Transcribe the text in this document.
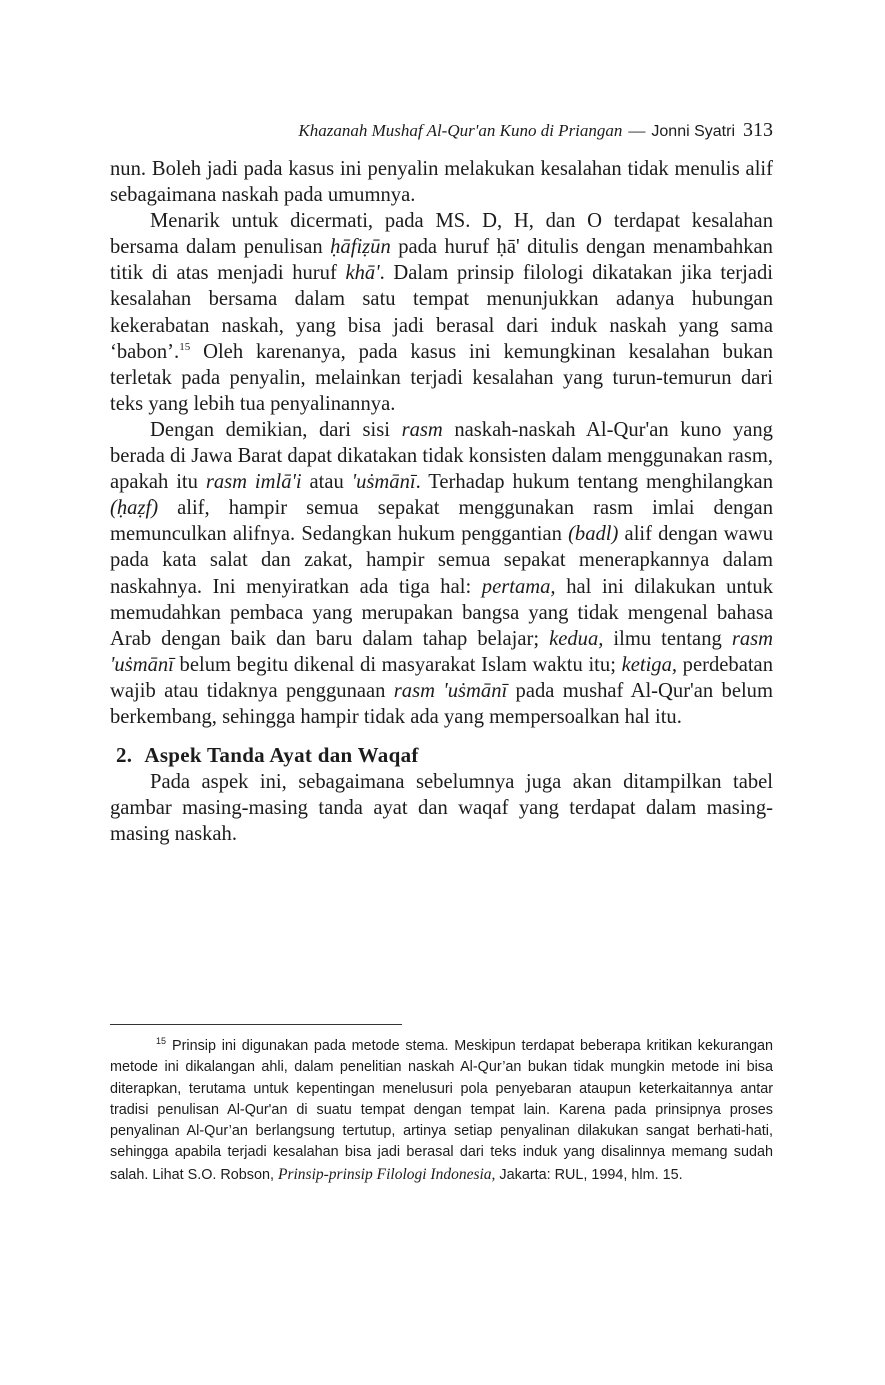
Khazanah Mushaf Al-Qur'an Kuno di Priangan — Jonni Syatri 313

nun. Boleh jadi pada kasus ini penyalin melakukan kesalahan tidak menulis alif sebagaimana naskah pada umumnya.

Menarik untuk dicermati, pada MS. D, H, dan O terdapat kesalahan bersama dalam penulisan ḥāfiẓūn pada huruf ḥā' ditulis dengan menambahkan titik di atas menjadi huruf khā'. Dalam prinsip filologi dikatakan jika terjadi kesalahan bersama dalam satu tempat menunjukkan adanya hubungan kekerabatan naskah, yang bisa jadi berasal dari induk naskah yang sama ‘babon’.$^{15}$ Oleh karenanya, pada kasus ini kemungkinan kesalahan bukan terletak pada penyalin, melainkan terjadi kesalahan yang turun-temurun dari teks yang lebih tua penyalinannya.

Dengan demikian, dari sisi rasm naskah-naskah Al-Qur'an kuno yang berada di Jawa Barat dapat dikatakan tidak konsisten dalam menggunakan rasm, apakah itu rasm imlā'i atau 'uṡmānī. Terhadap hukum tentang menghilangkan (ḥaẓf) alif, hampir semua sepakat menggunakan rasm imlai dengan memunculkan alifnya. Sedangkan hukum penggantian (badl) alif dengan wawu pada kata salat dan zakat, hampir semua sepakat menerapkannya dalam naskahnya. Ini menyiratkan ada tiga hal: pertama, hal ini dilakukan untuk memudahkan pembaca yang merupakan bangsa yang tidak mengenal bahasa Arab dengan baik dan baru dalam tahap belajar; kedua, ilmu tentang rasm 'uṡmānī belum begitu dikenal di masyarakat Islam waktu itu; ketiga, perdebatan wajib atau tidaknya penggunaan rasm 'uṡmānī pada mushaf Al-Qur'an belum berkembang, sehingga hampir tidak ada yang mempersoalkan hal itu.

2. Aspek Tanda Ayat dan Waqaf

Pada aspek ini, sebagaimana sebelumnya juga akan ditampilkan tabel gambar masing-masing tanda ayat dan waqaf yang terdapat dalam masing-masing naskah.

$^{15}$ Prinsip ini digunakan pada metode stema. Meskipun terdapat beberapa kritikan kekurangan metode ini dikalangan ahli, dalam penelitian naskah Al-Qur’an bukan tidak mungkin metode ini bisa diterapkan, terutama untuk kepentingan menelusuri pola penyebaran ataupun keterkaitannya antar tradisi penulisan Al-Qur'an di suatu tempat dengan tempat lain. Karena pada prinsipnya proses penyalinan Al-Qur’an berlangsung tertutup, artinya setiap penyalinan dilakukan sangat berhati-hati, sehingga apabila terjadi kesalahan bisa jadi berasal dari teks induk yang disalinnya memang sudah salah. Lihat S.O. Robson, Prinsip-prinsip Filologi Indonesia, Jakarta: RUL, 1994, hlm. 15.
